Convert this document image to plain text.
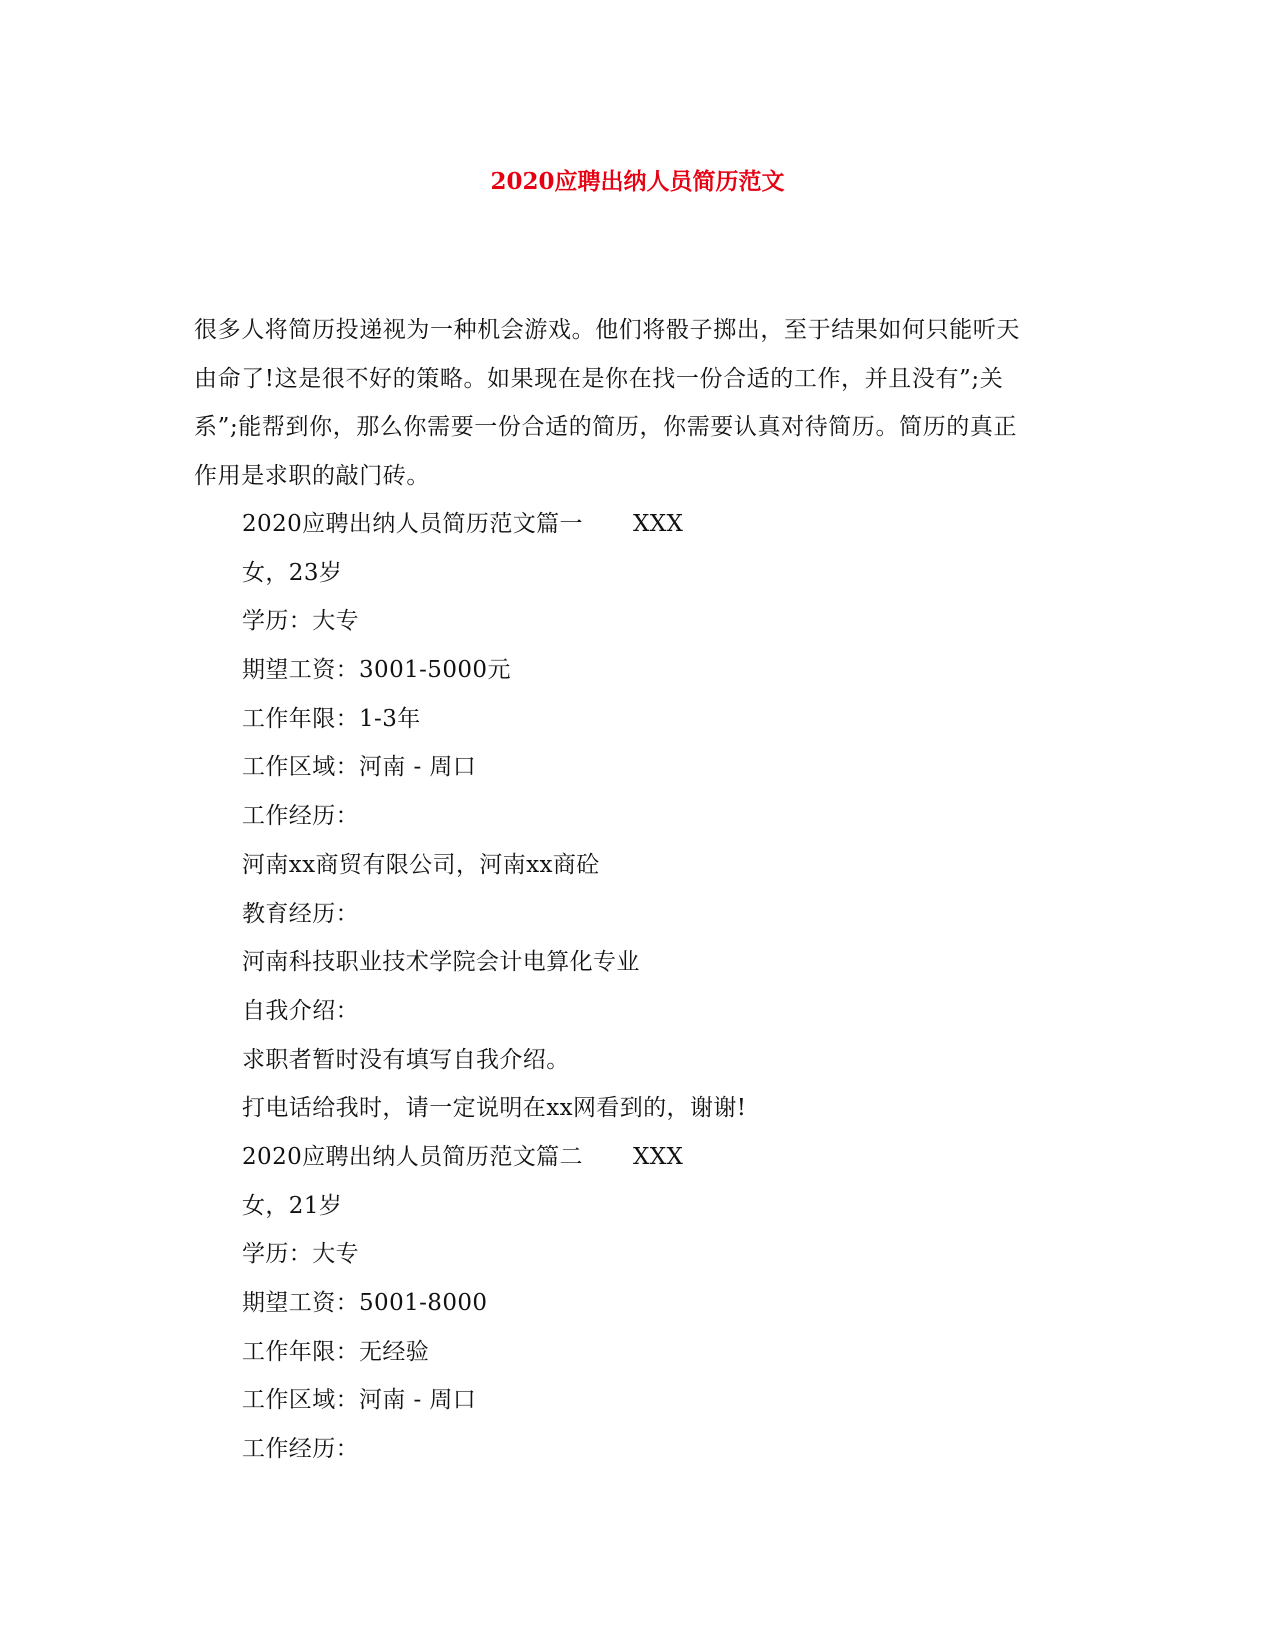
2020应聘出纳人员简历范文
很多人将简历投递视为一种机会游戏。他们将骰子掷出，至于结果如何只能听天
由命了!这是很不好的策略。如果现在是你在找一份合适的工作，并且没有”;关
系”;能帮到你，那么你需要一份合适的简历，你需要认真对待简历。简历的真正
作用是求职的敲门砖。
2020应聘出纳人员简历范文篇一 XXX
女，23岁
学历：大专
期望工资：3001-5000元
工作年限：1-3年
工作区域：河南 - 周口
工作经历：
河南xx商贸有限公司，河南xx商砼
教育经历：
河南科技职业技术学院会计电算化专业
自我介绍：
求职者暂时没有填写自我介绍。
打电话给我时，请一定说明在xx网看到的，谢谢!
2020应聘出纳人员简历范文篇二 XXX
女，21岁
学历：大专
期望工资：5001-8000
工作年限：无经验
工作区域：河南 - 周口
工作经历：
